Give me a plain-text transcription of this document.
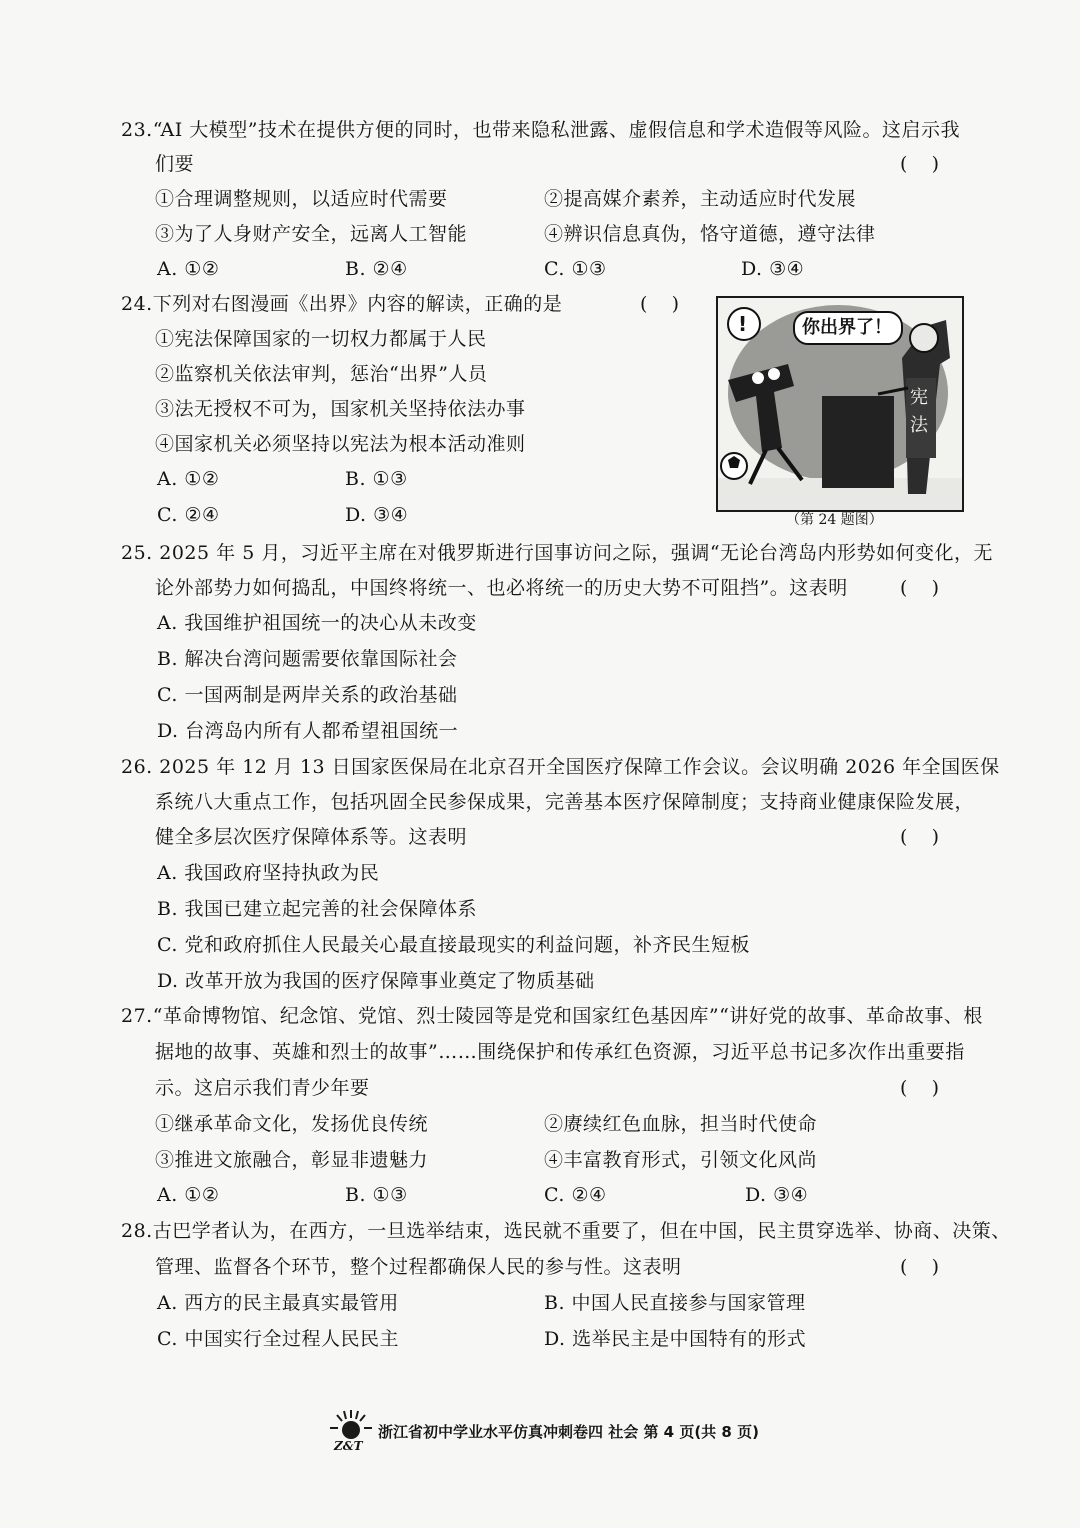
23.“AI 大模型”技术在提供方便的同时，也带来隐私泄露、虚假信息和学术造假等风险。这启示我
们要	(    )
①合理调整规则，以适应时代需要	②提高媒介素养，主动适应时代发展
③为了人身财产安全，远离人工智能	④辨识信息真伪，恪守道德，遵守法律
A. ①②	B. ②④	C. ①③	D. ③④
24.下列对右图漫画《出界》内容的解读，正确的是	(    )
①宪法保障国家的一切权力都属于人民
②监察机关依法审判，惩治“出界”人员
③法无授权不可为，国家机关坚持依法办事
④国家机关必须坚持以宪法为根本活动准则
A. ①②	B. ①③
C. ②④	D. ③④
!	你出界了！
宪
法
（第 24 题图）
25. 2025 年 5 月，习近平主席在对俄罗斯进行国事访问之际，强调“无论台湾岛内形势如何变化，无
论外部势力如何捣乱，中国终将统一、也必将统一的历史大势不可阻挡”。这表明	(    )
A. 我国维护祖国统一的决心从未改变
B. 解决台湾问题需要依靠国际社会
C. 一国两制是两岸关系的政治基础
D. 台湾岛内所有人都希望祖国统一
26. 2025 年 12 月 13 日国家医保局在北京召开全国医疗保障工作会议。会议明确 2026 年全国医保
系统八大重点工作，包括巩固全民参保成果，完善基本医疗保障制度；支持商业健康保险发展，
健全多层次医疗保障体系等。这表明	(    )
A. 我国政府坚持执政为民
B. 我国已建立起完善的社会保障体系
C. 党和政府抓住人民最关心最直接最现实的利益问题，补齐民生短板
D. 改革开放为我国的医疗保障事业奠定了物质基础
27.“革命博物馆、纪念馆、党馆、烈士陵园等是党和国家红色基因库”“讲好党的故事、革命故事、根
据地的故事、英雄和烈士的故事”……围绕保护和传承红色资源，习近平总书记多次作出重要指
示。这启示我们青少年要	(    )
①继承革命文化，发扬优良传统	②赓续红色血脉，担当时代使命
③推进文旅融合，彰显非遗魅力	④丰富教育形式，引领文化风尚
A. ①②	B. ①③	C. ②④	D. ③④
28.古巴学者认为，在西方，一旦选举结束，选民就不重要了，但在中国，民主贯穿选举、协商、决策、
管理、监督各个环节，整个过程都确保人民的参与性。这表明	(    )
A. 西方的民主最真实最管用	B. 中国人民直接参与国家管理
C. 中国实行全过程人民民主	D. 选举民主是中国特有的形式
Z&T
浙江省初中学业水平仿真冲刺卷四 社会 第 4 页(共 8 页)
